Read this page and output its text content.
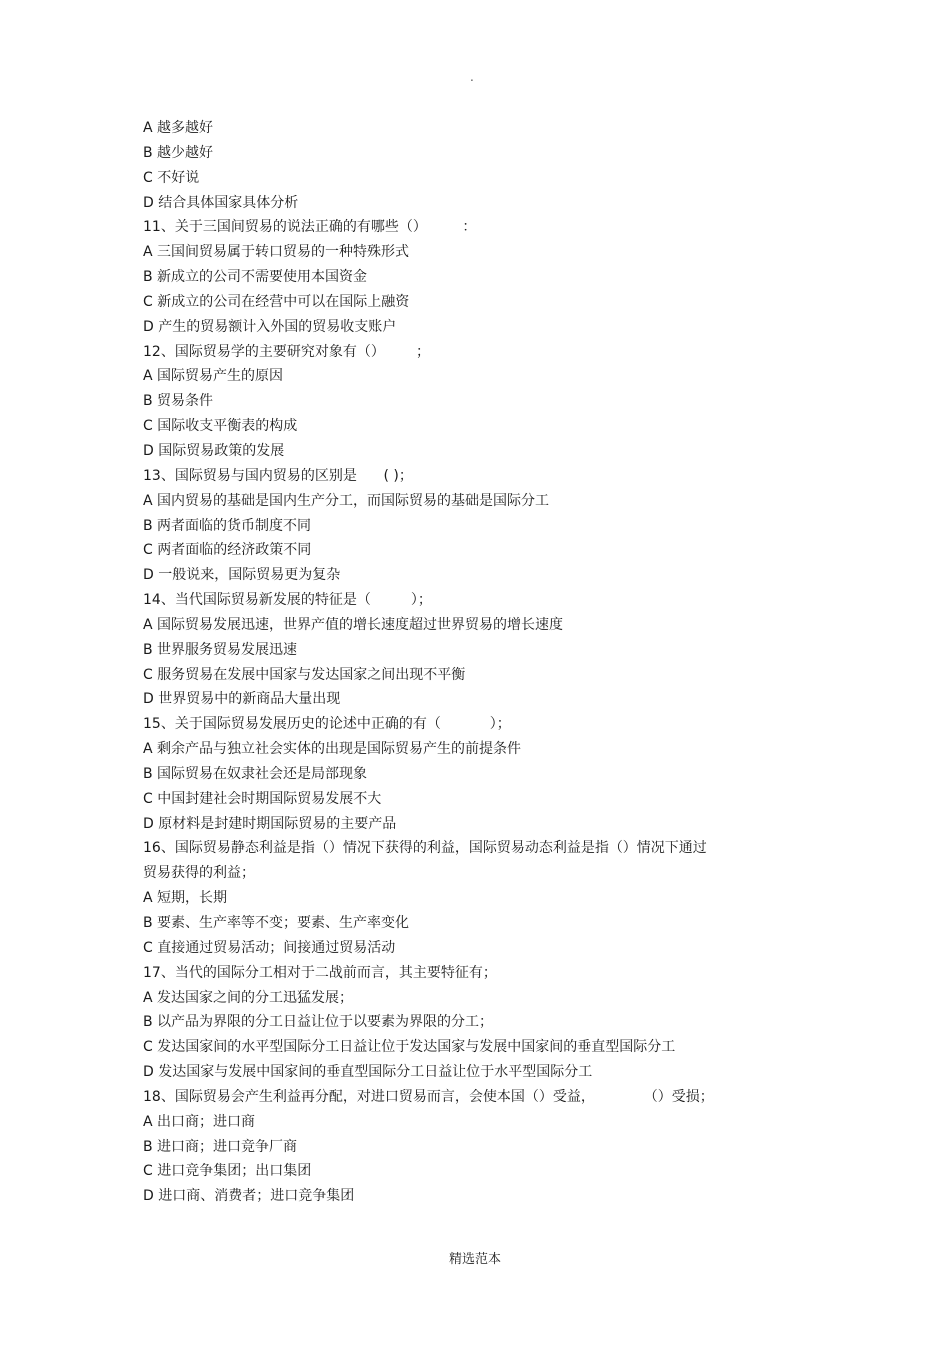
.
A 越多越好
B 越少越好
C 不好说
D 结合具体国家具体分析
11、关于三国间贸易的说法正确的有哪些（）        ：
A 三国间贸易属于转口贸易的一种特殊形式
B 新成立的公司不需要使用本国资金
C 新成立的公司在经营中可以在国际上融资
D 产生的贸易额计入外国的贸易收支账户
12、国际贸易学的主要研究对象有（）       ；
A 国际贸易产生的原因
B 贸易条件
C 国际收支平衡表的构成
D 国际贸易政策的发展
13、国际贸易与国内贸易的区别是      ( )；
A 国内贸易的基础是国内生产分工，而国际贸易的基础是国际分工
B 两者面临的货币制度不同
C 两者面临的经济政策不同
D 一般说来，国际贸易更为复杂
14、当代国际贸易新发展的特征是（         ）；
A 国际贸易发展迅速，世界产值的增长速度超过世界贸易的增长速度
B 世界服务贸易发展迅速
C 服务贸易在发展中国家与发达国家之间出现不平衡
D 世界贸易中的新商品大量出现
15、关于国际贸易发展历史的论述中正确的有（           ）；
A 剩余产品与独立社会实体的出现是国际贸易产生的前提条件
B 国际贸易在奴隶社会还是局部现象
C 中国封建社会时期国际贸易发展不大
D 原材料是封建时期国际贸易的主要产品
16、国际贸易静态利益是指（）情况下获得的利益，国际贸易动态利益是指（）情况下通过
贸易获得的利益；
A 短期，长期
B 要素、生产率等不变；要素、生产率变化
C 直接通过贸易活动；间接通过贸易活动
17、当代的国际分工相对于二战前而言，其主要特征有；
A 发达国家之间的分工迅猛发展；
B 以产品为界限的分工日益让位于以要素为界限的分工；
C 发达国家间的水平型国际分工日益让位于发达国家与发展中国家间的垂直型国际分工
D 发达国家与发展中国家间的垂直型国际分工日益让位于水平型国际分工
18、国际贸易会产生利益再分配，对进口贸易而言，会使本国（）受益，           （）受损；
A 出口商；进口商
B 进口商；进口竞争厂商
C 进口竞争集团；出口集团
D 进口商、消费者；进口竞争集团
精选范本
